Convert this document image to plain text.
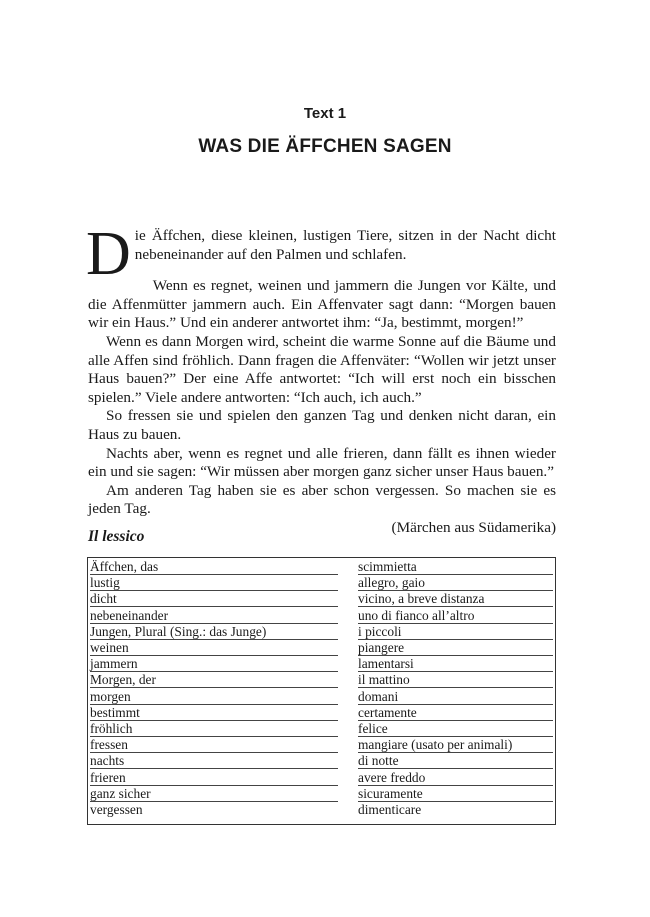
Text 1
WAS DIE ÄFFCHEN SAGEN

Die Äffchen, diese kleinen, lustigen Tiere, sitzen in der Nacht dicht nebeneinander auf den Palmen und schlafen.

Wenn es regnet, weinen und jammern die Jungen vor Kälte, und die Affenmütter jammern auch. Ein Affenvater sagt dann: “Morgen bauen wir ein Haus.” Und ein anderer antwortet ihm: “Ja, bestimmt, morgen!”

Wenn es dann Morgen wird, scheint die warme Sonne auf die Bäume und alle Affen sind fröhlich. Dann fragen die Affenväter: “Wollen wir jetzt unser Haus bauen?” Der eine Affe antwortet: “Ich will erst noch ein bisschen spielen.” Viele andere antworten: “Ich auch, ich auch.”

So fressen sie und spielen den ganzen Tag und denken nicht daran, ein Haus zu bauen.

Nachts aber, wenn es regnet und alle frieren, dann fällt es ihnen wieder ein und sie sagen: “Wir müssen aber morgen ganz sicher unser Haus bauen.”

Am anderen Tag haben sie es aber schon vergessen. So machen sie es jeden Tag.

(Märchen aus Südamerika)
Il lessico
Äffchen, das	scimmietta
lustig	allegro, gaio
dicht	vicino, a breve distanza
nebeneinander	uno di fianco all’altro
Jungen, Plural (Sing.: das Junge)	i piccoli
weinen	piangere
jammern	lamentarsi
Morgen, der	il mattino
morgen	domani
bestimmt	certamente
fröhlich	felice
fressen	mangiare (usato per animali)
nachts	di notte
frieren	avere freddo
ganz sicher	sicuramente
vergessen	dimenticare
